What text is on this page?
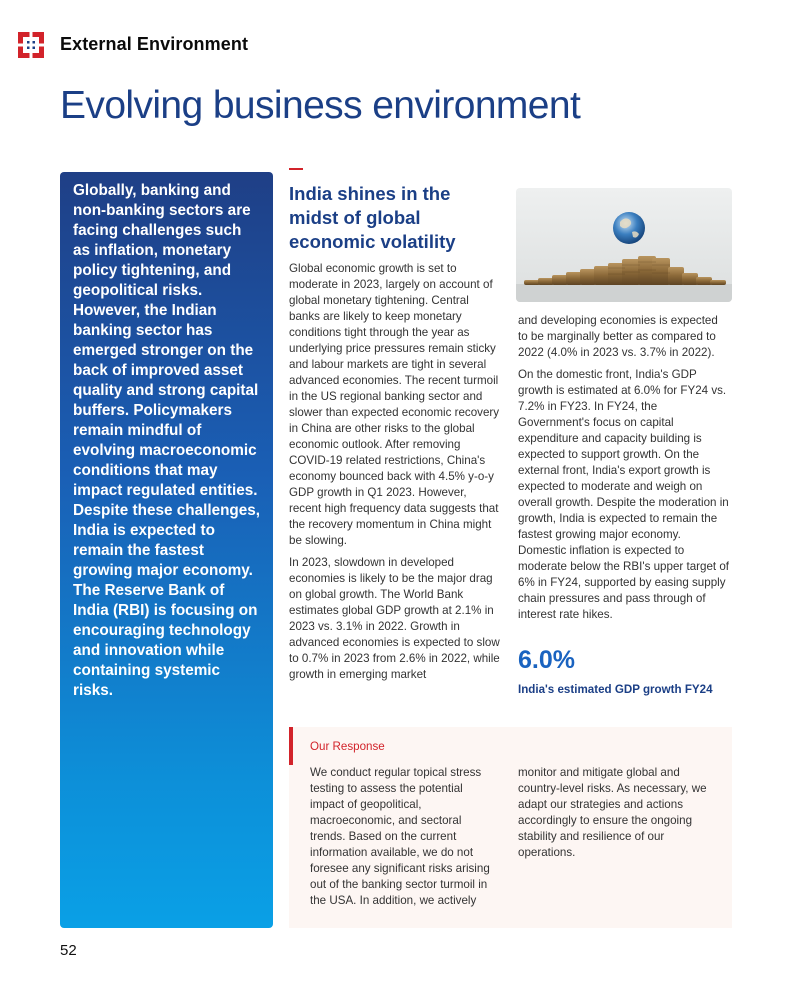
External Environment
Evolving business environment

Globally, banking and non-banking sectors are facing challenges such as inflation, monetary policy tightening, and geopolitical risks. However, the Indian banking sector has emerged stronger on the back of improved asset quality and strong capital buffers. Policymakers remain mindful of evolving macroeconomic conditions that may impact regulated entities. Despite these challenges, India is expected to remain the fastest growing major economy. The Reserve Bank of India (RBI) is focusing on encouraging technology and innovation while containing systemic risks.

India shines in the midst of global economic volatility

Global economic growth is set to moderate in 2023, largely on account of global monetary tightening. Central banks are likely to keep monetary conditions tight through the year as underlying price pressures remain sticky and labour markets are tight in several advanced economies. The recent turmoil in the US regional banking sector and slower than expected economic recovery in China are other risks to the global economic outlook. After removing COVID-19 related restrictions, China's economy bounced back with 4.5% y-o-y GDP growth in Q1 2023. However, recent high frequency data suggests that the recovery momentum in China might be slowing.

In 2023, slowdown in developed economies is likely to be the major drag on global growth. The World Bank estimates global GDP growth at 2.1% in 2023 vs. 3.1% in 2022. Growth in advanced economies is expected to slow to 0.7% in 2023 from 2.6% in 2022, while growth in emerging market

and developing economies is expected to be marginally better as compared to 2022 (4.0% in 2023 vs. 3.7% in 2022).

On the domestic front, India's GDP growth is estimated at 6.0% for FY24 vs. 7.2% in FY23. In FY24, the Government's focus on capital expenditure and capacity building is expected to support growth. On the external front, India's export growth is expected to moderate and weigh on overall growth. Despite the moderation in growth, India is expected to remain the fastest growing major economy. Domestic inflation is expected to moderate below the RBI's upper target of 6% in FY24, supported by easing supply chain pressures and pass through of interest rate hikes.

6.0%
India's estimated GDP growth FY24
Our Response
We conduct regular topical stress testing to assess the potential impact of geopolitical, macroeconomic, and sectoral trends. Based on the current information available, we do not foresee any significant risks arising out of the banking sector turmoil in the USA. In addition, we actively
monitor and mitigate global and country-level risks. As necessary, we adapt our strategies and actions accordingly to ensure the ongoing stability and resilience of our operations.
52
